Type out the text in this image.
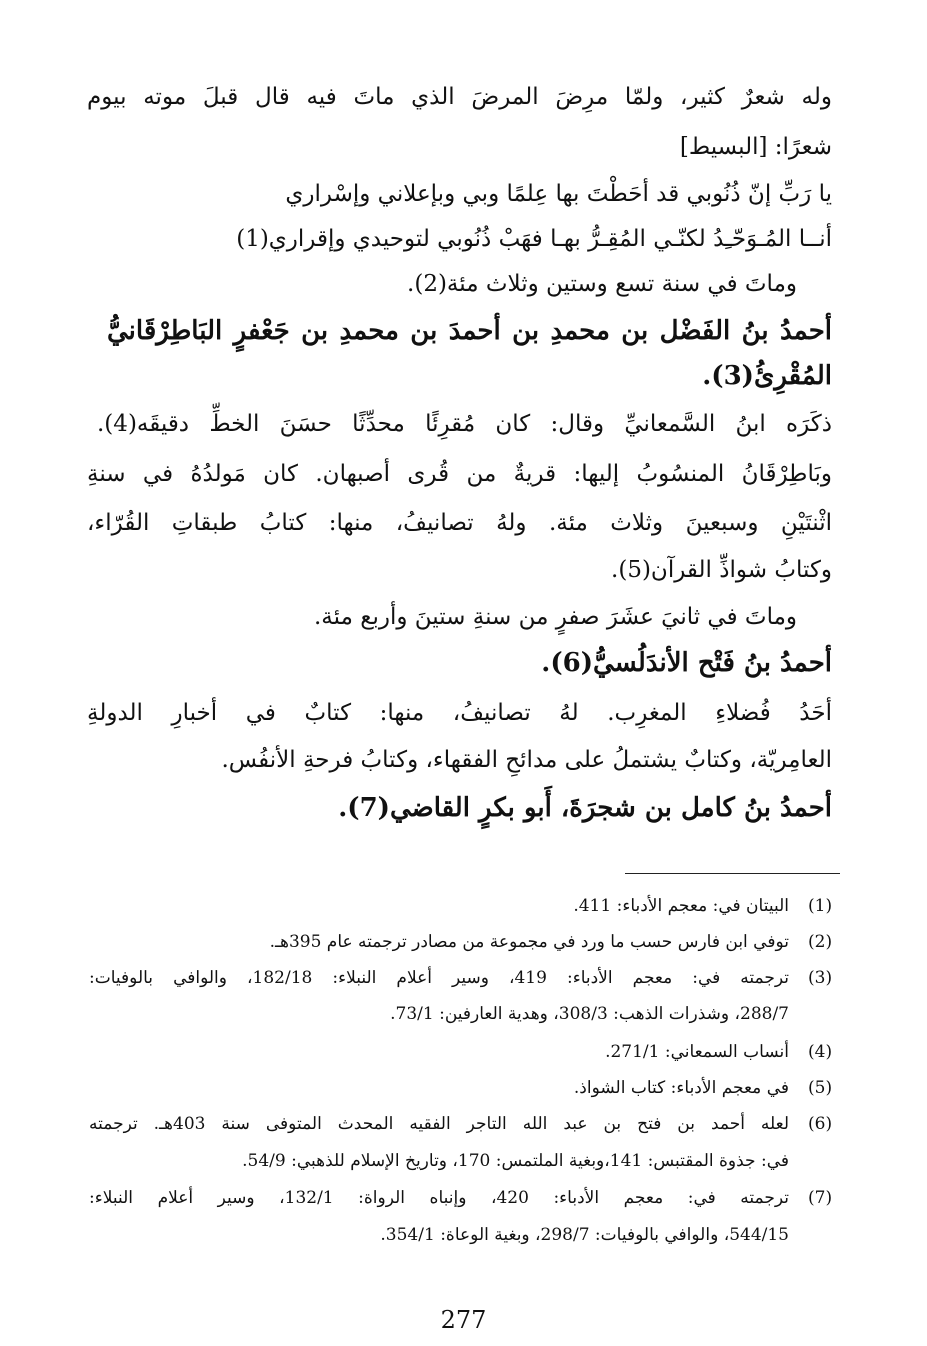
وله شعرٌ كثير، ولمّا مرِضَ المرضَ الذي ماتَ فيه قال قبلَ موته بيوم
شعرًا: [البسيط]
يا رَبِّ إنّ ذُنُوبي قد أحَطْتَ بها عِلمًا وبي وبإعلاني وإسْراري
أنــا المُـوَحّـِدُ لكنّـي المُقِـرُّ بهـا فهَبْ ذُنُوبي لتوحيدي وإقراري(1)
وماتَ في سنة تسع وستين وثلاث مئة(2).
أحمدُ بنُ الفَضْل بن محمدِ بن أحمدَ بن محمدِ بن جَعْفرٍ البَاطِرْقَانيُّ
المُقْرِئُ(3).
ذكَرَه ابنُ السَّمعانيِّ وقال: كان مُقرِئًا محدِّثًا حسَنَ الخطِّ دقيقَه(4).
وبَاطِرْقَانُ المنسُوبُ إليها: قريةٌ من قُرى أصبهان. كان مَولدُهُ في سنةِ
اثْنتَيْنِ وسبعينَ وثلاث مئة. ولهُ تصانيفُ، منها: كتابُ طبقاتِ القُرّاء،
وكتابُ شواذِّ القرآن(5).
وماتَ في ثانيَ عشَرَ صفرٍ من سنةِ ستينَ وأربع مئة.
أحمدُ بنُ فَتْح الأندَلُسيُّ(6).
أحَدُ فُضلاءِ المغرِب. لهُ تصانيفُ، منها: كتابٌ في أخبارِ الدولةِ
العامِريّة، وكتابٌ يشتملُ على مدائحِ الفقهاء، وكتابُ فرحةِ الأنفُس.
أحمدُ بنُ كامل بن شجرَةَ، أَبو بكرٍ القاضي(7).
(1)
البيتان في: معجم الأدباء: 411.
(2)
توفي ابن فارس حسب ما ورد في مجموعة من مصادر ترجمته عام 395هـ.
(3)
ترجمته في: معجم الأدباء: 419، وسير أعلام النبلاء: 182/18، والوافي بالوفيات:
288/7، وشذرات الذهب: 308/3، وهدية العارفين: 73/1.
(4)
أنساب السمعاني: 271/1.
(5)
في معجم الأدباء: كتاب الشواذ.
(6)
لعله أحمد بن فتح بن عبد الله التاجر الفقيه المحدث المتوفى سنة 403هـ. ترجمته
في: جذوة المقتبس: 141،وبغية الملتمس: 170، وتاريخ الإسلام للذهبي: 54/9.
(7)
ترجمته في: معجم الأدباء: 420، وإنباه الرواة: 132/1، وسير أعلام النبلاء:
544/15، والوافي بالوفيات: 298/7، وبغية الوعاة: 354/1.
277
